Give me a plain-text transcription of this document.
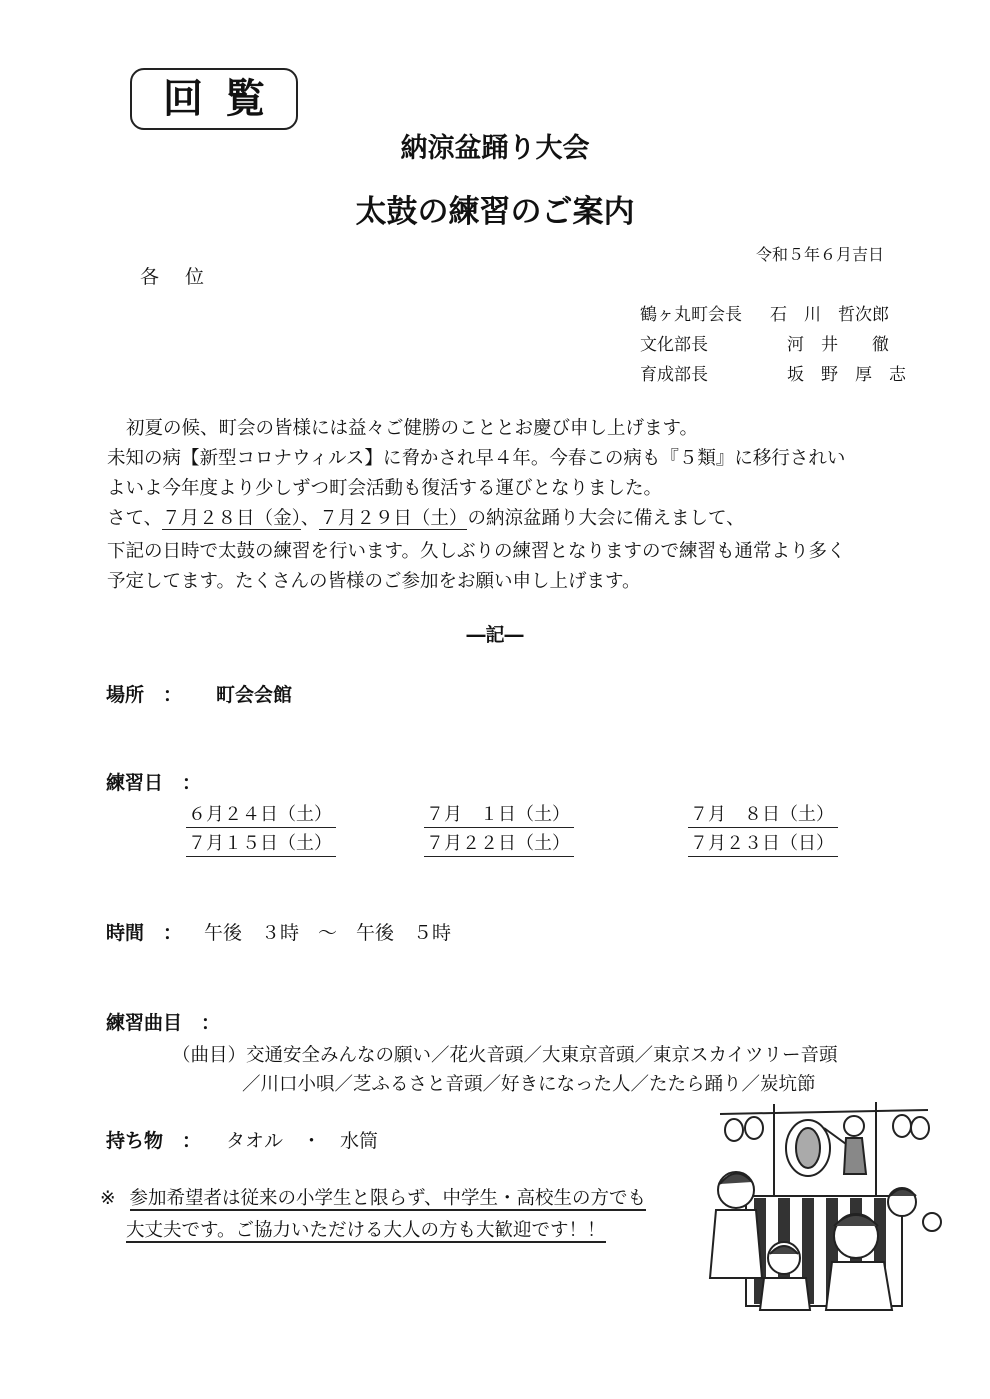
回覧
納涼盆踊り大会
太鼓の練習のご案内
令和５年６月吉日
各位
鶴ヶ丸町会長 石　川　哲次郎
文化部長	　河　井　　徹
育成部長	　坂　野　厚　志
初夏の候、町会の皆様には益々ご健勝のこととお慶び申し上げます。
未知の病【新型コロナウィルス】に脅かされ早４年。今春この病も『５類』に移行されい
よいよ今年度より少しずつ町会活動も復活する運びとなりました。
さて、７月２８日（金）、７月２９日（土）の納涼盆踊り大会に備えまして、
下記の日時で太鼓の練習を行います。久しぶりの練習となりますので練習も通常より多く
予定してます。たくさんの皆様のご参加をお願い申し上げます。
―記―
場所　： 町会会館
練習日　：
６月２４日（土）	７月　１日（土）	７月　８日（土）
７月１５日（土）	７月２２日（土）	７月２３日（日）
時間　： 午後　３時　～　午後　５時
練習曲目　：
（曲目）交通安全みんなの願い／花火音頭／大東京音頭／東京スカイツリー音頭
／川口小唄／芝ふるさと音頭／好きになった人／たたら踊り／炭坑節
持ち物　： タオル　・　水筒
※ 参加希望者は従来の小学生と限らず、中学生・高校生の方でも
大丈夫です。ご協力いただける大人の方も大歓迎です！！
